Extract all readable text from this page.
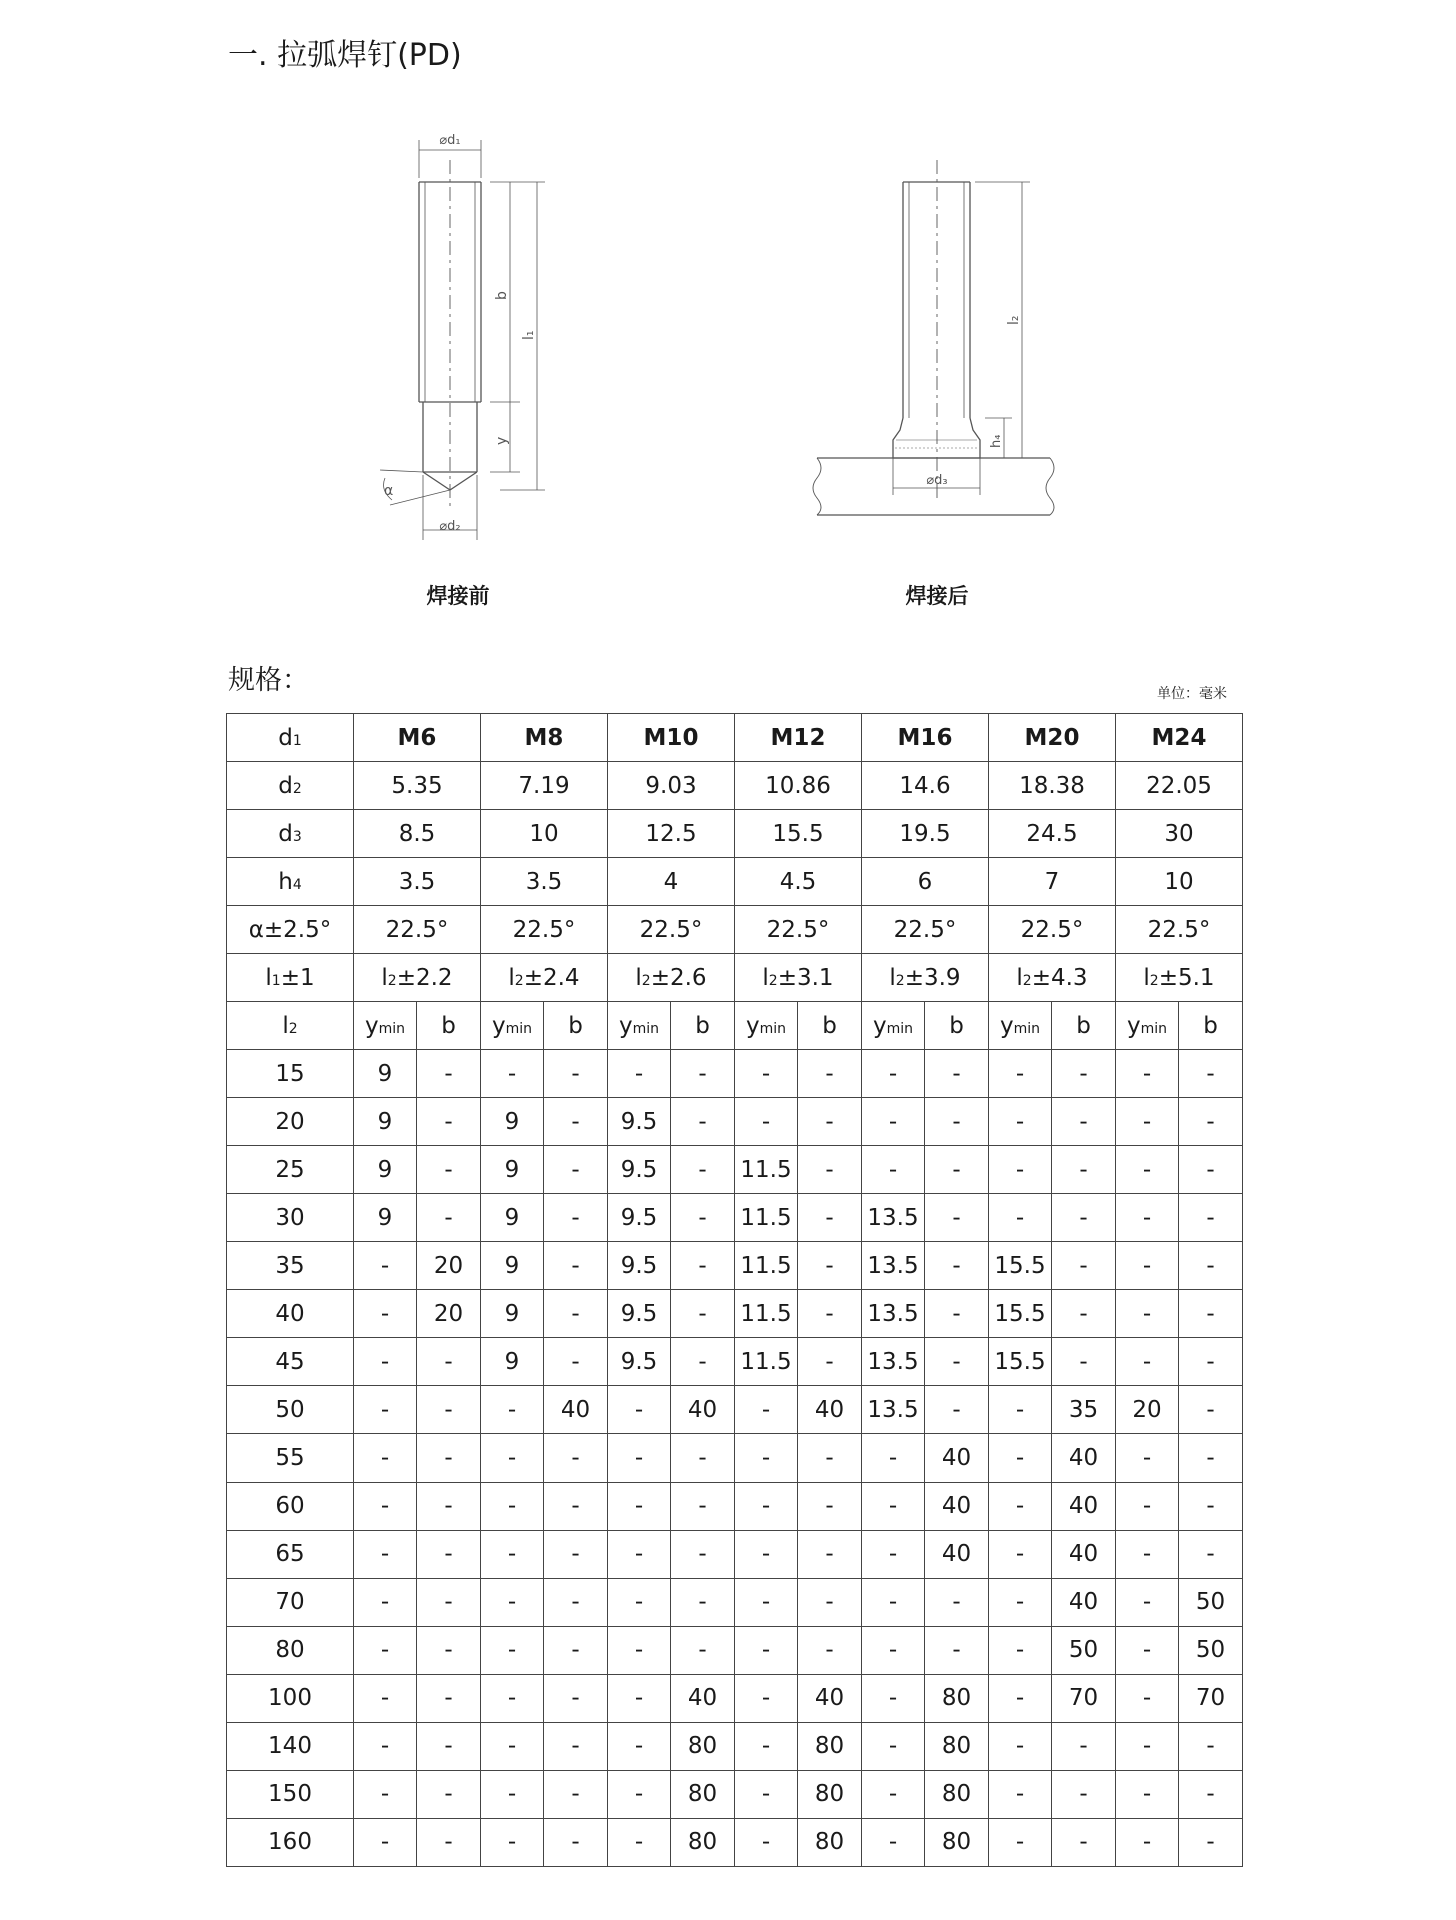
一. 拉弧焊钉(PD)
⌀d₁
b
l₁
y
α
⌀d₂
l₂
h₄
⌀d₃
焊接前	焊接后
规格：	单位：毫米
d1	M6		M8		M10		M12		M16		M20		M24	
d2	5.35		7.19		9.03		10.86		14.6		18.38		22.05	
d3	8.5		10		12.5		15.5		19.5		24.5		30	
h4	3.5		3.5		4		4.5		6		7		10	
α±2.5°	22.5°		22.5°		22.5°		22.5°		22.5°		22.5°		22.5°	
l1±1	l2±2.2		l2±2.4		l2±2.6		l2±3.1		l2±3.9		l2±4.3		l2±5.1	
l2	ymin	b	ymin	b	ymin	b	ymin	b	ymin	b	ymin	b	ymin	b
15	9	-	-	-	-	-	-	-	-	-	-	-	-	-
20	9	-	9	-	9.5	-	-	-	-	-	-	-	-	-
25	9	-	9	-	9.5	-	11.5	-	-	-	-	-	-	-
30	9	-	9	-	9.5	-	11.5	-	13.5	-	-	-	-	-
35	-	20	9	-	9.5	-	11.5	-	13.5	-	15.5	-	-	-
40	-	20	9	-	9.5	-	11.5	-	13.5	-	15.5	-	-	-
45	-	-	9	-	9.5	-	11.5	-	13.5	-	15.5	-	-	-
50	-	-	-	40	-	40	-	40	13.5	-	-	35	20	-
55	-	-	-	-	-	-	-	-	-	40	-	40	-	-
60	-	-	-	-	-	-	-	-	-	40	-	40	-	-
65	-	-	-	-	-	-	-	-	-	40	-	40	-	-
70	-	-	-	-	-	-	-	-	-	-	-	40	-	50
80	-	-	-	-	-	-	-	-	-	-	-	50	-	50
100	-	-	-	-	-	40	-	40	-	80	-	70	-	70
140	-	-	-	-	-	80	-	80	-	80	-	-	-	-
150	-	-	-	-	-	80	-	80	-	80	-	-	-	-
160	-	-	-	-	-	80	-	80	-	80	-	-	-	-
